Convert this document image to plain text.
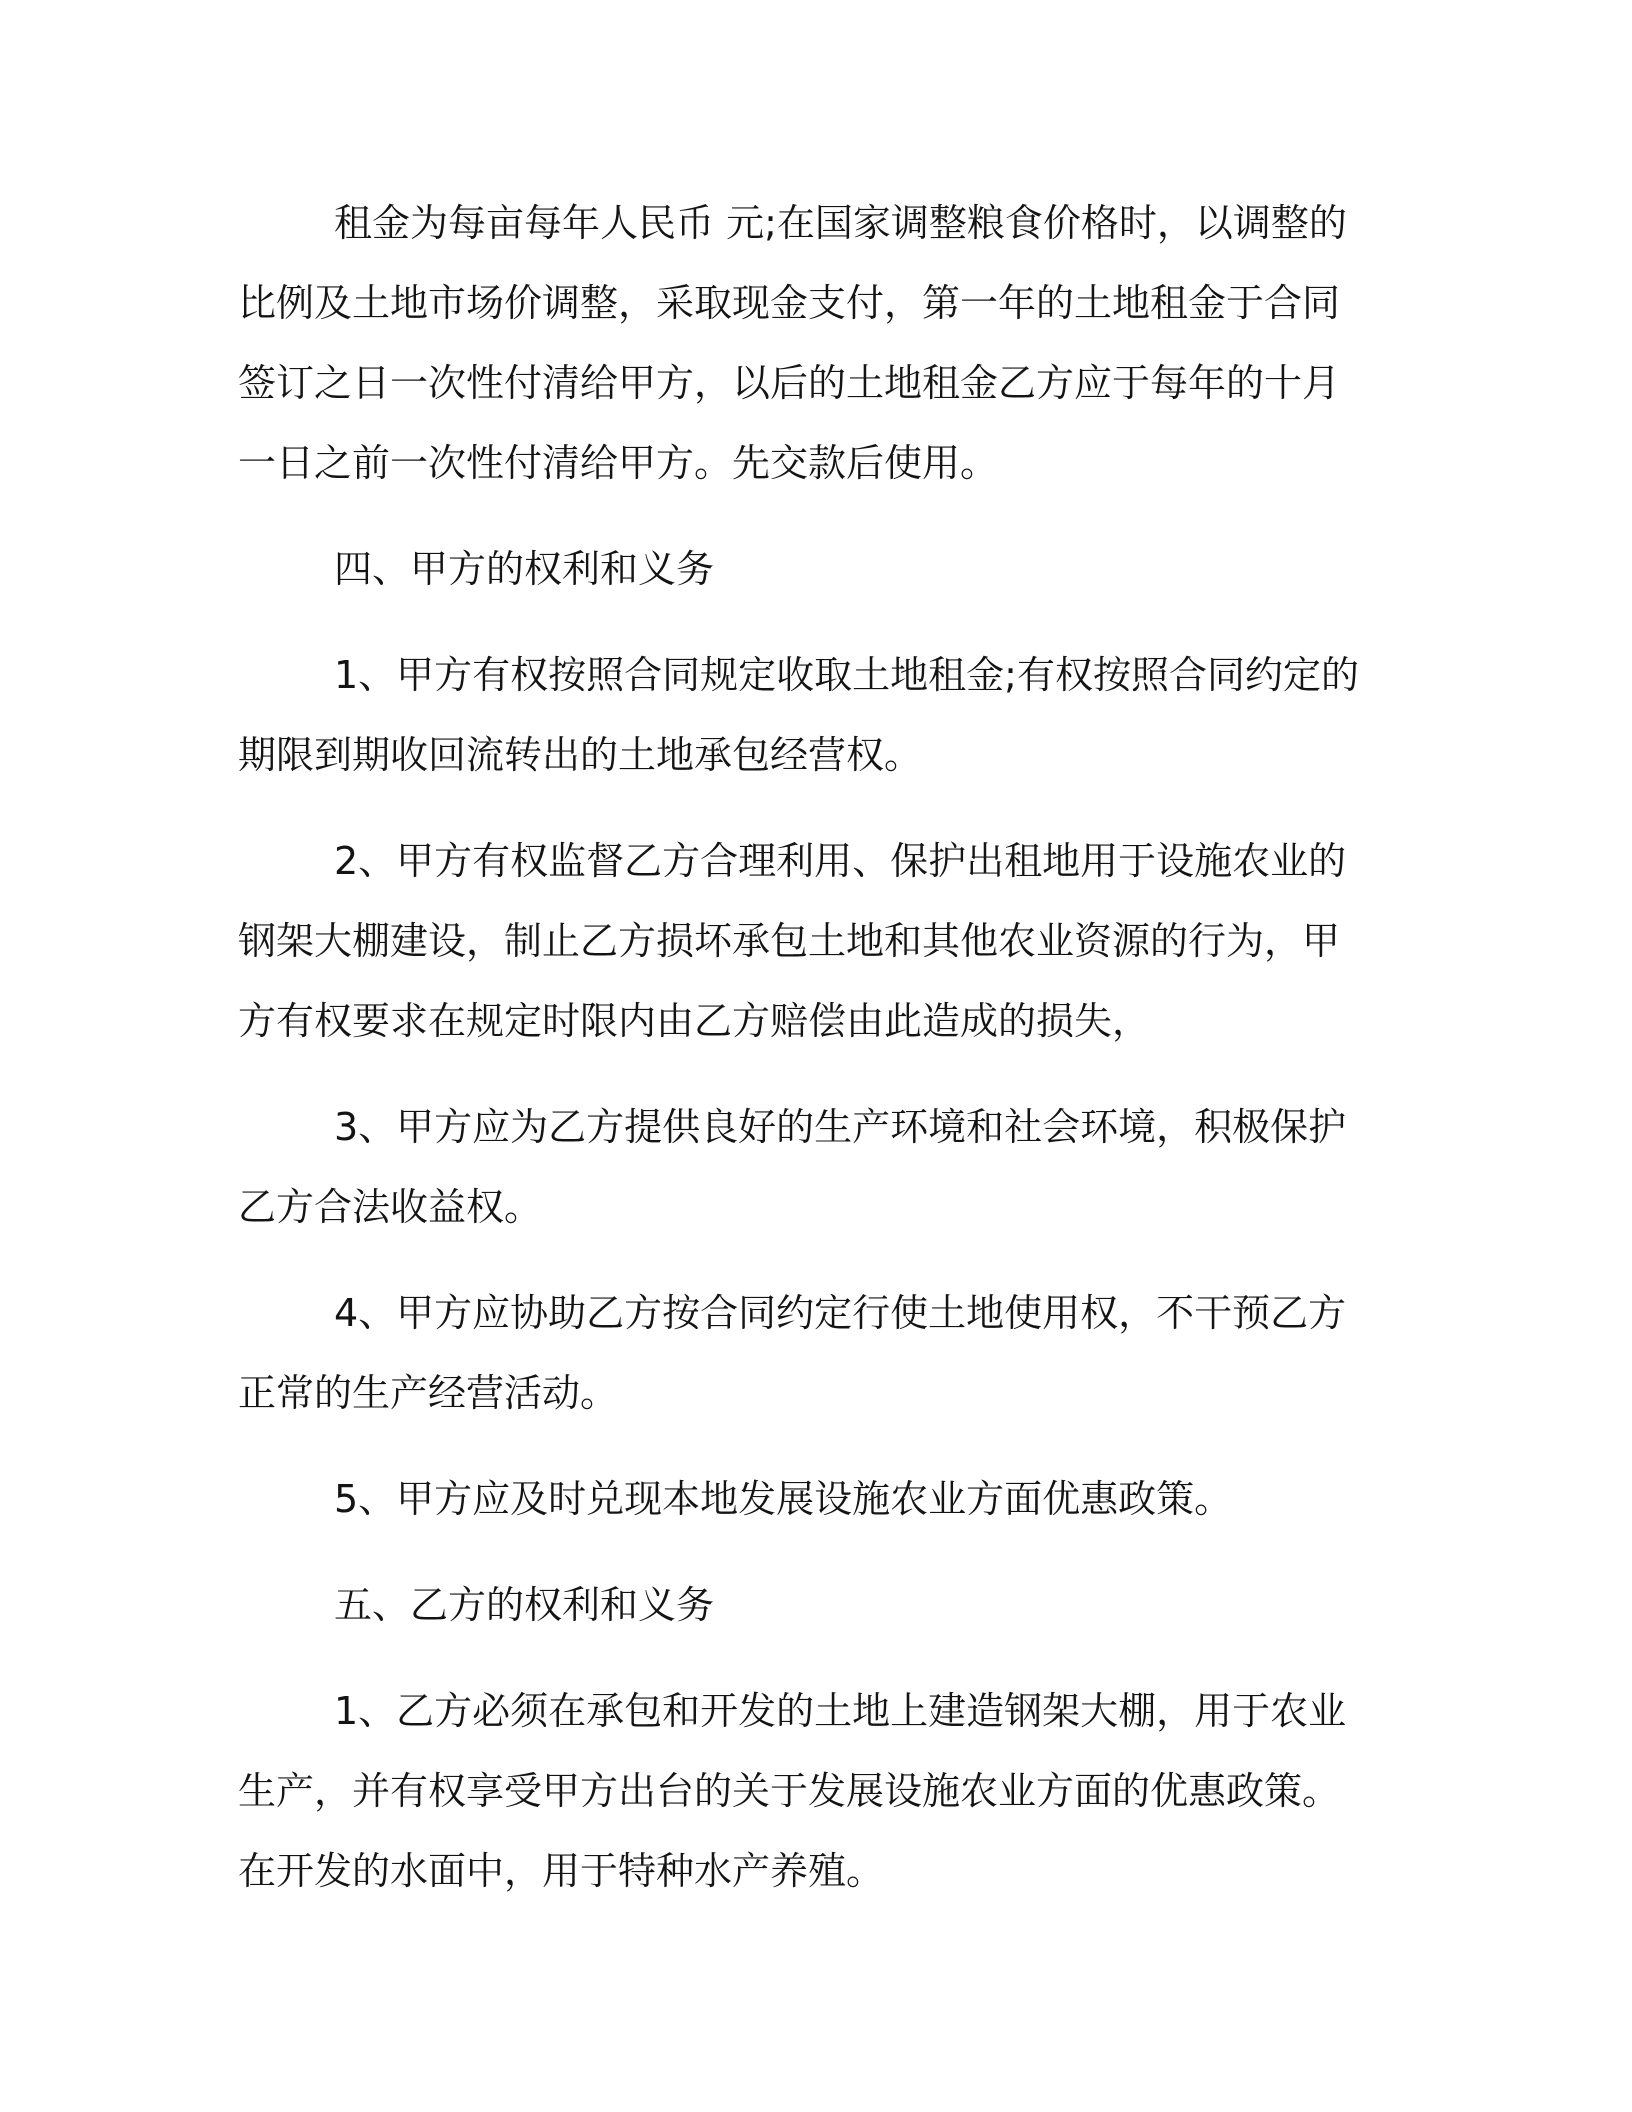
租金为每亩每年人民币 元;在国家调整粮食价格时，以调整的比例及土地市场价调整，采取现金支付，第一年的土地租金于合同签订之日一次性付清给甲方，以后的土地租金乙方应于每年的十月一日之前一次性付清给甲方。先交款后使用。

四、甲方的权利和义务

1、甲方有权按照合同规定收取土地租金;有权按照合同约定的期限到期收回流转出的土地承包经营权。

2、甲方有权监督乙方合理利用、保护出租地用于设施农业的钢架大棚建设，制止乙方损坏承包土地和其他农业资源的行为，甲方有权要求在规定时限内由乙方赔偿由此造成的损失，

3、甲方应为乙方提供良好的生产环境和社会环境，积极保护乙方合法收益权。

4、甲方应协助乙方按合同约定行使土地使用权，不干预乙方正常的生产经营活动。

5、甲方应及时兑现本地发展设施农业方面优惠政策。

五、乙方的权利和义务

1、乙方必须在承包和开发的土地上建造钢架大棚，用于农业生产，并有权享受甲方出台的关于发展设施农业方面的优惠政策。在开发的水面中，用于特种水产养殖。
